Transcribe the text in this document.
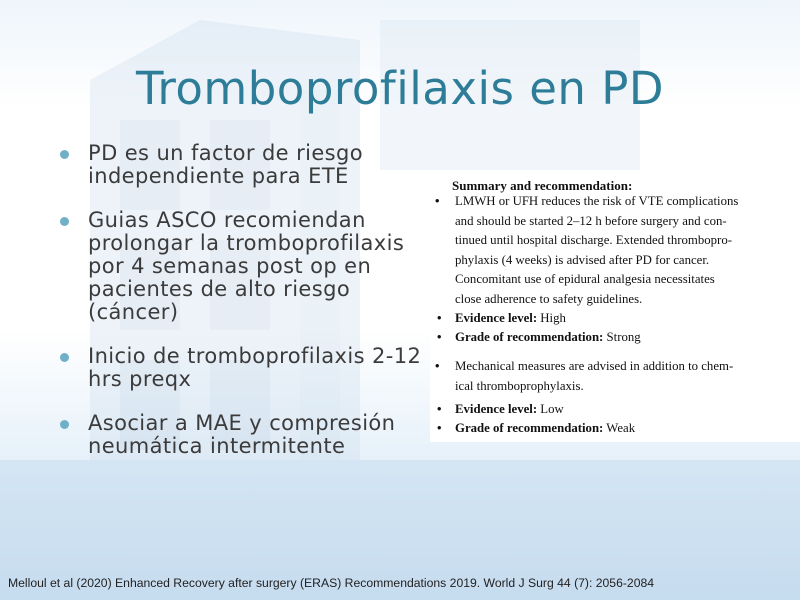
Tromboprofilaxis en PD
PD es un factor de riesgo independiente para ETE
Guias ASCO recomiendan prolongar la tromboprofilaxis por 4 semanas post op en pacientes de alto riesgo (cáncer)
Inicio de tromboprofilaxis 2-12 hrs preqx
Asociar a MAE y compresión neumática intermitente
Summary and recommendation:
• LMWH or UFH reduces the risk of VTE complications
and should be started 2–12 h before surgery and con-
tinued until hospital discharge. Extended thrombopro-
phylaxis (4 weeks) is advised after PD for cancer.
Concomitant use of epidural analgesia necessitates
close adherence to safety guidelines.
• Evidence level: High
• Grade of recommendation: Strong
• Mechanical measures are advised in addition to chem-
ical thromboprophylaxis.
• Evidence level: Low
• Grade of recommendation: Weak
Melloul et al (2020) Enhanced Recovery after surgery (ERAS) Recommendations 2019. World J Surg 44 (7): 2056-2084
